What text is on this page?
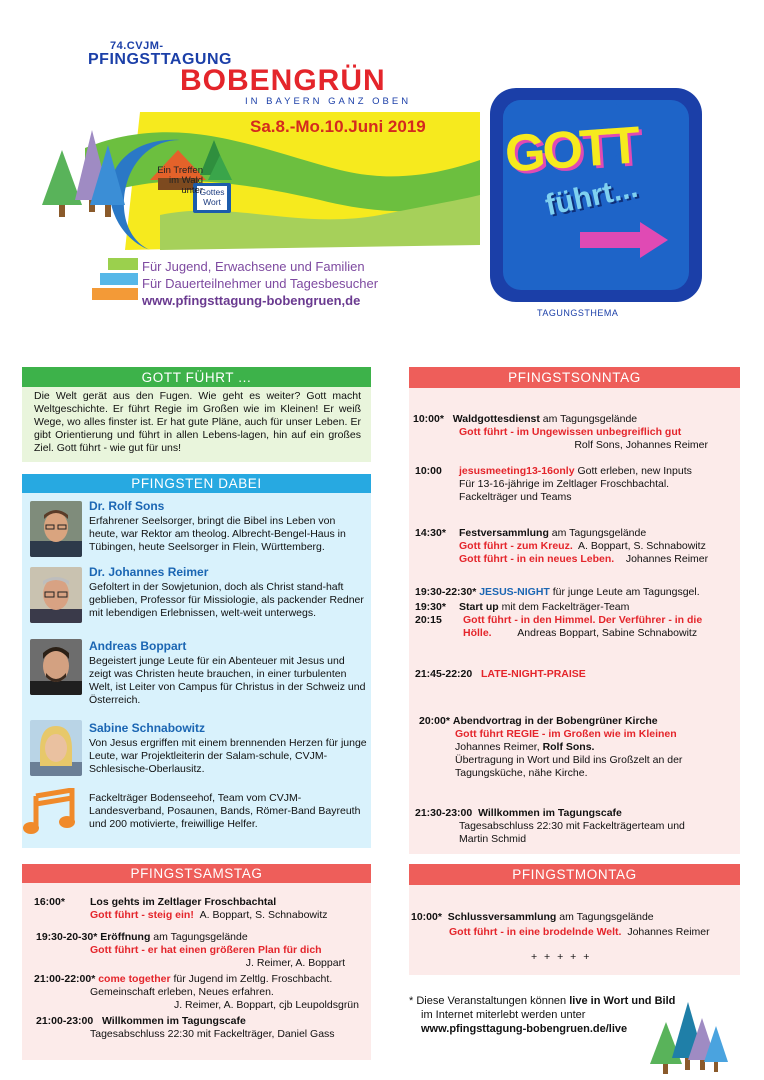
74.CVJM-
PFINGSTTAGUNG
BOBENGRÜN
IN BAYERN GANZ OBEN
Sa.8.-Mo.10.Juni 2019
Ein Treffen
im Wald
unter
Gottes
Wort
Für Jugend, Erwachsene und Familien
Für Dauerteilnehmer und Tagesbesucher
www.pfingsttagung-bobengruen,de
GOTT
führt...
TAGUNGSTHEMA
GOTT FÜHRT ...
Die Welt gerät aus den Fugen. Wie geht es weiter? Gott macht Weltgeschichte. Er führt Regie im Großen wie im Kleinen! Er weiß Wege, wo alles finster ist. Er hat gute Pläne, auch für unser Leben. Er gibt Orientierung und führt in allen Lebens-lagen, hin auf ein großes Ziel. Gott führt - wie gut für uns!
PFINGSTEN DABEI
Dr. Rolf Sons
Erfahrener Seelsorger, bringt die Bibel ins Leben von heute, war Rektor am theolog. Albrecht-Bengel-Haus in Tübingen, heute Seelsorger in Flein, Württemberg.
Dr. Johannes Reimer
Gefoltert in der Sowjetunion, doch als Christ stand-haft geblieben, Professor für Missiologie, als packender Redner mit lebendigen Erlebnissen, welt-weit unterwegs.
Andreas Boppart
Begeistert junge Leute für ein Abenteuer mit Jesus und zeigt was Christen heute brauchen, in einer turbulenten Welt, ist Leiter von Campus für Christus in der Schweiz und Österreich.
Sabine Schnabowitz
Von Jesus ergriffen mit einem brennenden Herzen für junge Leute, war Projektleiterin der Salam-schule, CVJM-Schlesische-Oberlausitz.
Fackelträger Bodenseehof, Team vom CVJM-Landesverband, Posaunen, Bands, Römer-Band Bayreuth und 200 motivierte, freiwillige Helfer.
PFINGSTSAMSTAG
16:00* Los gehts im Zeltlager Froschbachtal
Gott führt - steig ein! A. Boppart, S. Schnabowitz
19:30-20-30* Eröffnung am Tagungsgelände
Gott führt - er hat einen größeren Plan für dich
J. Reimer, A. Boppart
21:00-22:00* come together für Jugend im Zeltlg. Froschbacht.
Gemeinschaft erleben, Neues erfahren.
J. Reimer, A. Boppart, cjb Leupoldsgrün
21:00-23:00 Willkommen im Tagungscafe
Tagesabschluss 22:30 mit Fackelträger, Daniel Gass
PFINGSTSONNTAG
10:00* Waldgottesdienst am Tagungsgelände
Gott führt - im Ungewissen unbegreiflich gut
Rolf Sons, Johannes Reimer
10:00 jesusmeeting13-16only Gott erleben, new Inputs
Für 13-16-jährige im Zeltlager Froschbachtal.
Fackelträger und Teams
14:30* Festversammlung am Tagungsgelände
Gott führt - zum Kreuz. A. Boppart, S. Schnabowitz
Gott führt - in ein neues Leben. Johannes Reimer
19:30-22:30* JESUS-NIGHT für junge Leute am Tagungsgel.
19:30* Start up mit dem Fackelträger-Team
20:15 Gott führt - in den Himmel. Der Verführer - in die
Hölle. Andreas Boppart, Sabine Schnabowitz
21:45-22:20 LATE-NIGHT-PRAISE
20:00* Abendvortrag in der Bobengrüner Kirche
Gott führt REGIE - im Großen wie im Kleinen
Johannes Reimer, Rolf Sons.
Übertragung in Wort und Bild ins Großzelt an der
Tagungsküche, nähe Kirche.
21:30-23:00 Willkommen im Tagungscafe
Tagesabschluss 22:30 mit Fackelträgerteam und
Martin Schmid
PFINGSTMONTAG
10:00* Schlussversammlung am Tagungsgelände
Gott führt - in eine brodelnde Welt. Johannes Reimer
+ + + + +
* Diese Veranstaltungen können live in Wort und Bild
im Internet miterlebt werden unter
www.pfingsttagung-bobengruen.de/live
